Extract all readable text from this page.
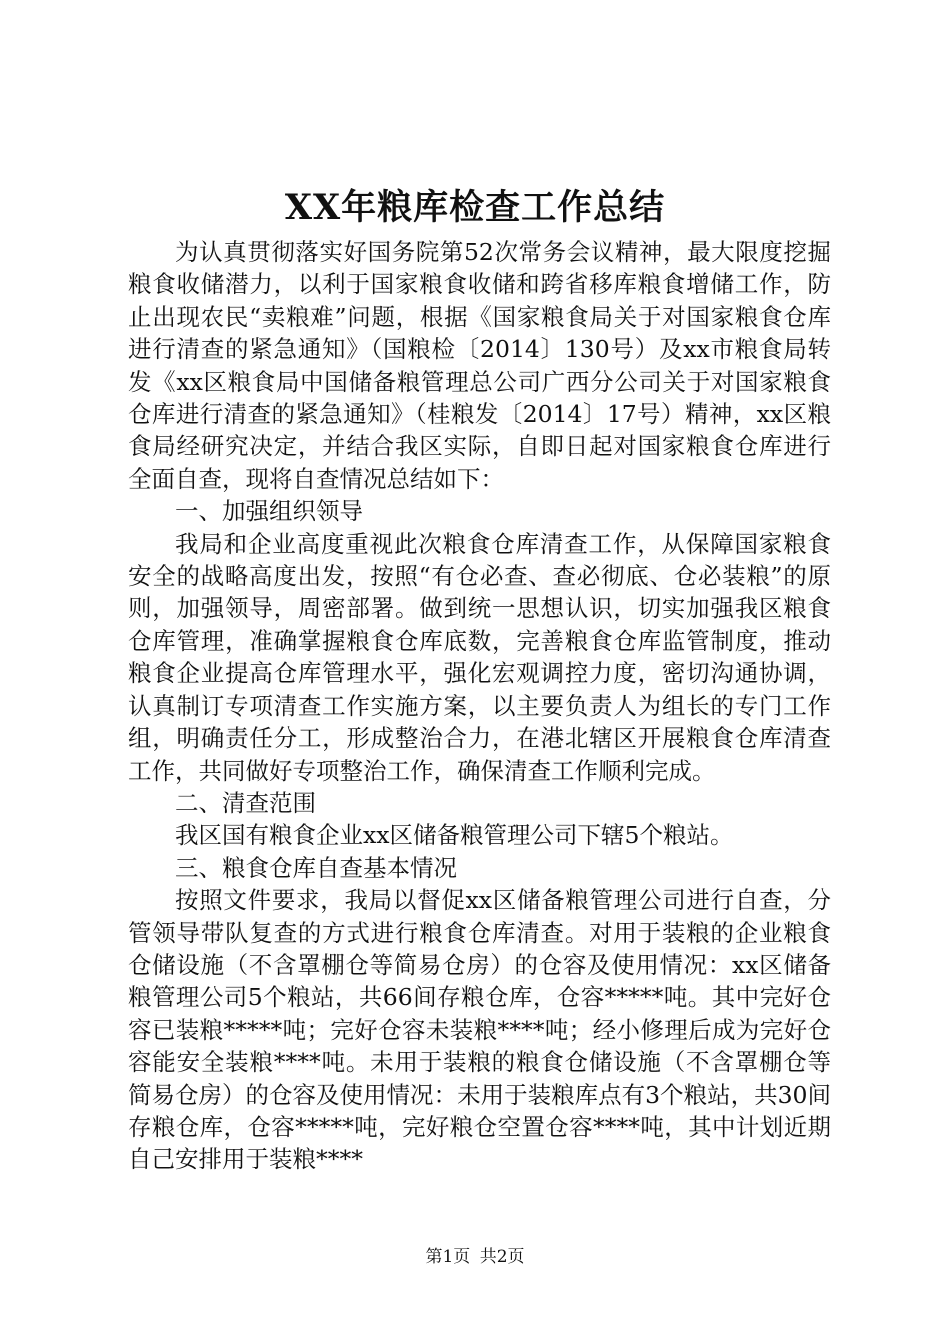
XX年粮库检查工作总结

为认真贯彻落实好国务院第52次常务会议精神，最大限度挖掘粮食收储潜力，以利于国家粮食收储和跨省移库粮食增储工作，防止出现农民“卖粮难”问题，根据《国家粮食局关于对国家粮食仓库进行清查的紧急通知》（国粮检〔2014〕130号）及xx市粮食局转发《xx区粮食局中国储备粮管理总公司广西分公司关于对国家粮食仓库进行清查的紧急通知》（桂粮发〔2014〕17号）精神，xx区粮食局经研究决定，并结合我区实际，自即日起对国家粮食仓库进行全面自查，现将自查情况总结如下：

一、加强组织领导

我局和企业高度重视此次粮食仓库清查工作，从保障国家粮食安全的战略高度出发，按照“有仓必查、查必彻底、仓必装粮”的原则，加强领导，周密部署。做到统一思想认识，切实加强我区粮食仓库管理，准确掌握粮食仓库底数，完善粮食仓库监管制度，推动粮食企业提高仓库管理水平，强化宏观调控力度，密切沟通协调，认真制订专项清查工作实施方案，以主要负责人为组长的专门工作组，明确责任分工，形成整治合力，在港北辖区开展粮食仓库清查工作，共同做好专项整治工作，确保清查工作顺利完成。

二、清查范围

我区国有粮食企业xx区储备粮管理公司下辖5个粮站。

三、粮食仓库自查基本情况

按照文件要求，我局以督促xx区储备粮管理公司进行自查，分管领导带队复查的方式进行粮食仓库清查。对用于装粮的企业粮食仓储设施（不含罩棚仓等简易仓房）的仓容及使用情况：xx区储备粮管理公司5个粮站，共66间存粮仓库，仓容*****吨。其中完好仓容已装粮*****吨；完好仓容未装粮****吨；经小修理后成为完好仓容能安全装粮****吨。未用于装粮的粮食仓储设施（不含罩棚仓等简易仓房）的仓容及使用情况：未用于装粮库点有3个粮站，共30间存粮仓库，仓容*****吨，完好粮仓空置仓容****吨，其中计划近期自己安排用于装粮****

第1页 共2页
